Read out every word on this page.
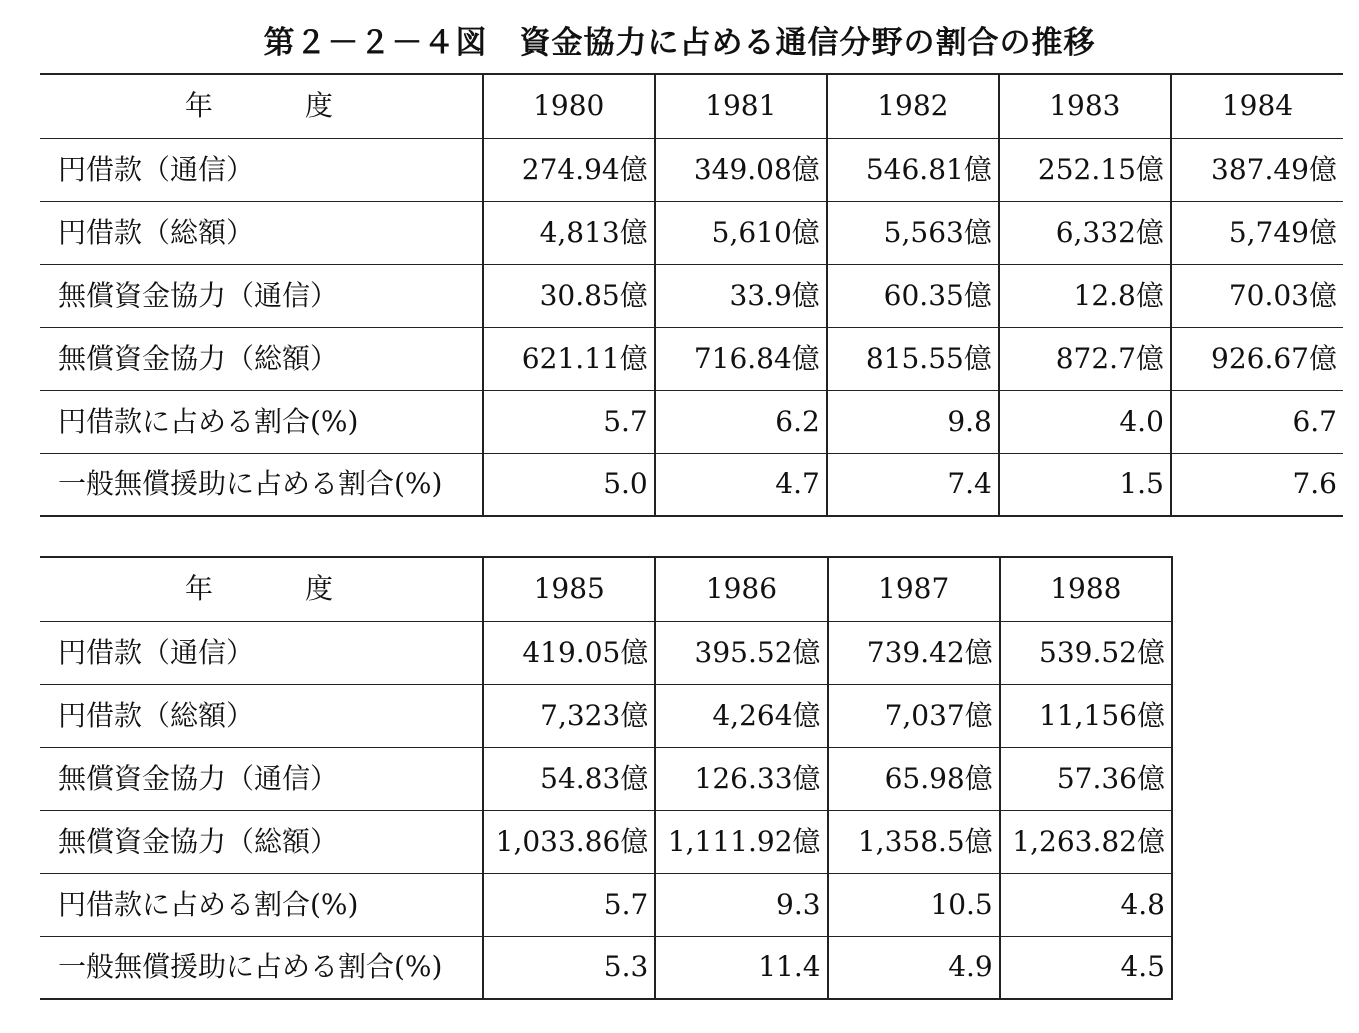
第２－２－４図　資金協力に占める通信分野の割合の推移
年 度	1980	1981	1982	1983	1984
円借款（通信）	274.94億	349.08億	546.81億	252.15億	387.49億
円借款（総額）	4,813億	5,610億	5,563億	6,332億	5,749億
無償資金協力（通信）	30.85億	33.9億	60.35億	12.8億	70.03億
無償資金協力（総額）	621.11億	716.84億	815.55億	872.7億	926.67億
円借款に占める割合(%)	5.7	6.2	9.8	4.0	6.7
一般無償援助に占める割合(%)	5.0	4.7	7.4	1.5	7.6
年 度	1985	1986	1987	1988
円借款（通信）	419.05億	395.52億	739.42億	539.52億
円借款（総額）	7,323億	4,264億	7,037億	11,156億
無償資金協力（通信）	54.83億	126.33億	65.98億	57.36億
無償資金協力（総額）	1,033.86億	1,111.92億	1,358.5億	1,263.82億
円借款に占める割合(%)	5.7	9.3	10.5	4.8
一般無償援助に占める割合(%)	5.3	11.4	4.9	4.5
